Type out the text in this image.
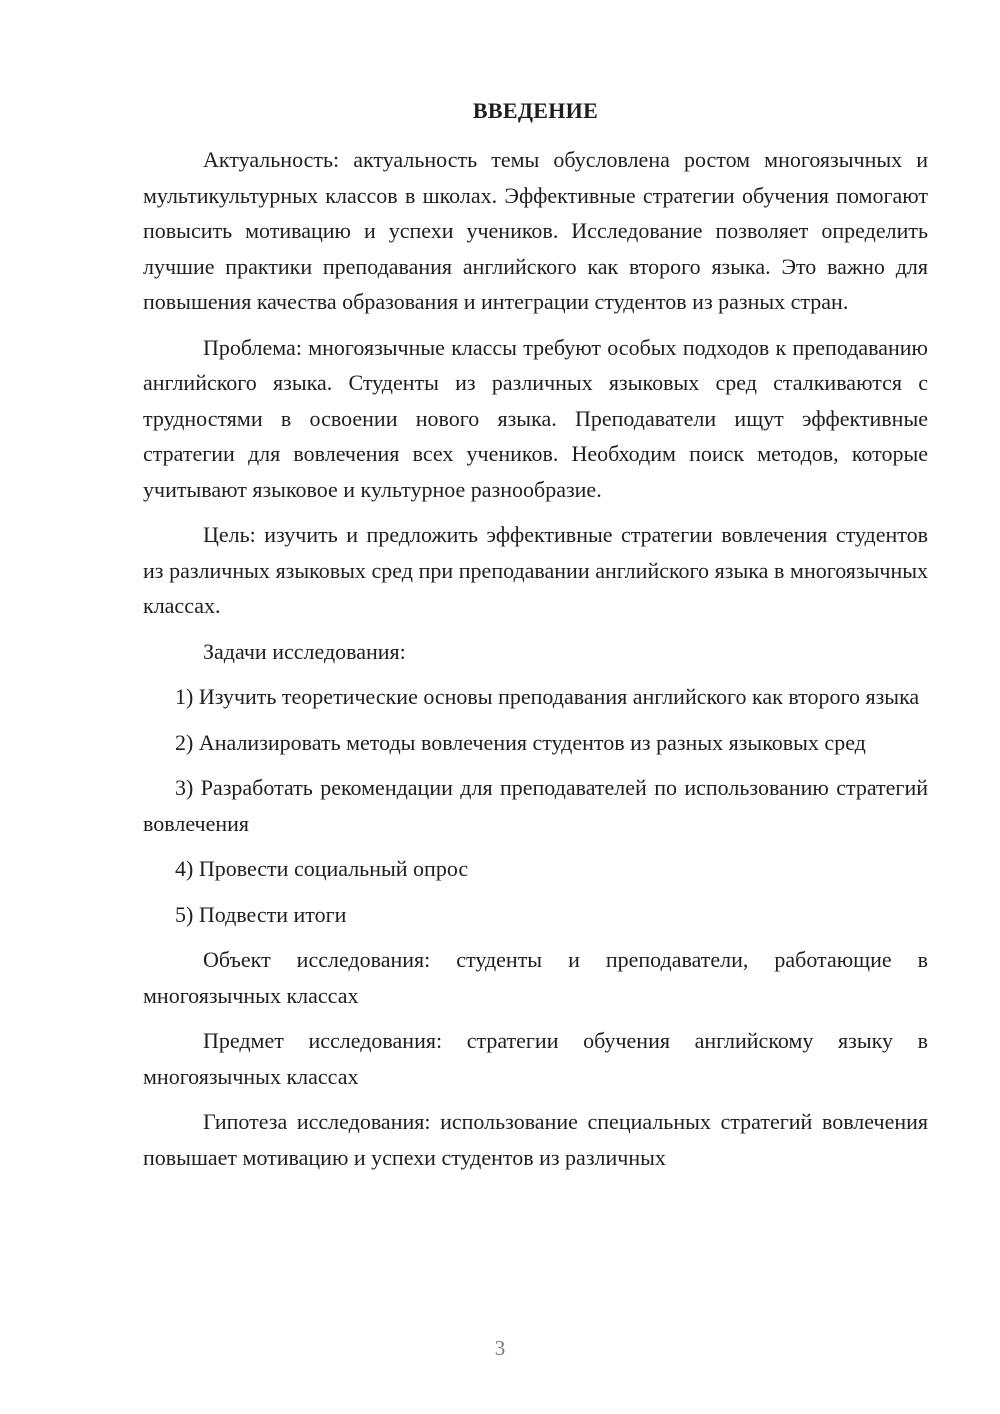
ВВЕДЕНИЕ

Актуальность: актуальность темы обусловлена ростом многоязычных и мультикультурных классов в школах. Эффективные стратегии обучения помогают повысить мотивацию и успехи учеников. Исследование позволяет определить лучшие практики преподавания английского как второго языка. Это важно для повышения качества образования и интеграции студентов из разных стран.

Проблема: многоязычные классы требуют особых подходов к преподаванию английского языка. Студенты из различных языковых сред сталкиваются с трудностями в освоении нового языка. Преподаватели ищут эффективные стратегии для вовлечения всех учеников. Необходим поиск методов, которые учитывают языковое и культурное разнообразие.

Цель: изучить и предложить эффективные стратегии вовлечения студентов из различных языковых сред при преподавании английского языка в многоязычных классах.

Задачи исследования:

1) Изучить теоретические основы преподавания английского как второго языка

2) Анализировать методы вовлечения студентов из разных языковых сред

3) Разработать рекомендации для преподавателей по использованию стратегий вовлечения

4) Провести социальный опрос

5) Подвести итоги

Объект исследования: студенты и преподаватели, работающие в многоязычных классах

Предмет исследования: стратегии обучения английскому языку в многоязычных классах

Гипотеза исследования: использование специальных стратегий вовлечения повышает мотивацию и успехи студентов из различных

3
